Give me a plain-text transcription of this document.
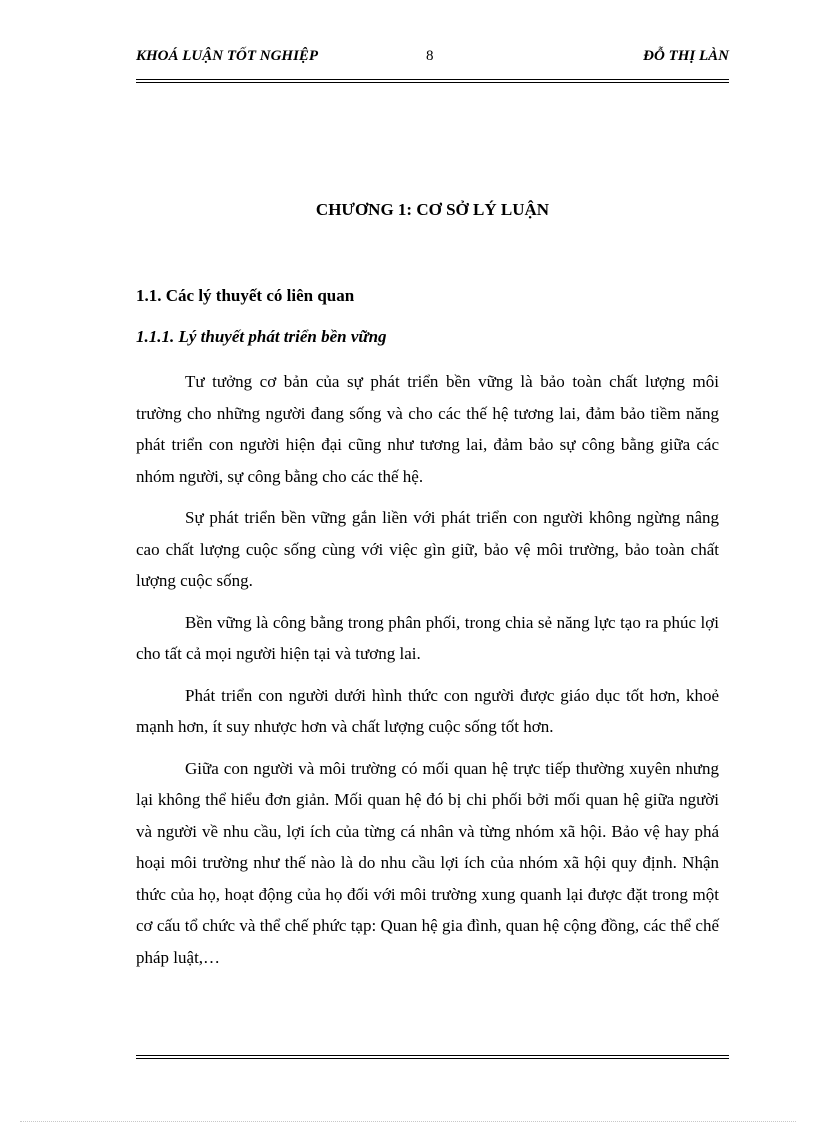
KHOÁ LUẬN TỐT NGHIỆP	8	ĐỖ THỊ LÀN
CHƯƠNG 1: CƠ SỞ LÝ LUẬN
1.1. Các lý thuyết có liên quan
1.1.1. Lý thuyết phát triển bền vững

Tư tưởng cơ bản của sự phát triển bền vững là bảo toàn chất lượng môi trường cho những người đang sống và cho các thế hệ tương lai, đảm bảo tiềm năng phát triển con người hiện đại cũng như tương lai, đảm bảo sự công bằng giữa các nhóm người, sự công bằng cho các thế hệ.

Sự phát triển bền vững gắn liền với phát triển con người không ngừng nâng cao chất lượng cuộc sống cùng với việc gìn giữ, bảo vệ môi trường, bảo toàn chất lượng cuộc sống.

Bền vững là công bằng trong phân phối, trong chia sẻ năng lực tạo ra phúc lợi cho tất cả mọi người hiện tại và tương lai.

Phát triển con người dưới hình thức con người được giáo dục tốt hơn, khoẻ mạnh hơn, ít suy nhược hơn và chất lượng cuộc sống tốt hơn.

Giữa con người và môi trường có mối quan hệ trực tiếp thường xuyên nhưng lại không thể hiểu đơn giản. Mối quan hệ đó bị chi phối bởi mối quan hệ giữa người và người về nhu cầu, lợi ích của từng cá nhân và từng nhóm xã hội. Bảo vệ hay phá hoại môi trường như thế nào là do nhu cầu lợi ích của nhóm xã hội quy định. Nhận thức của họ, hoạt động của họ đối với môi trường xung quanh lại được đặt trong một cơ cấu tổ chức và thể chế phức tạp: Quan hệ gia đình, quan hệ cộng đồng, các thể chế pháp luật,…
